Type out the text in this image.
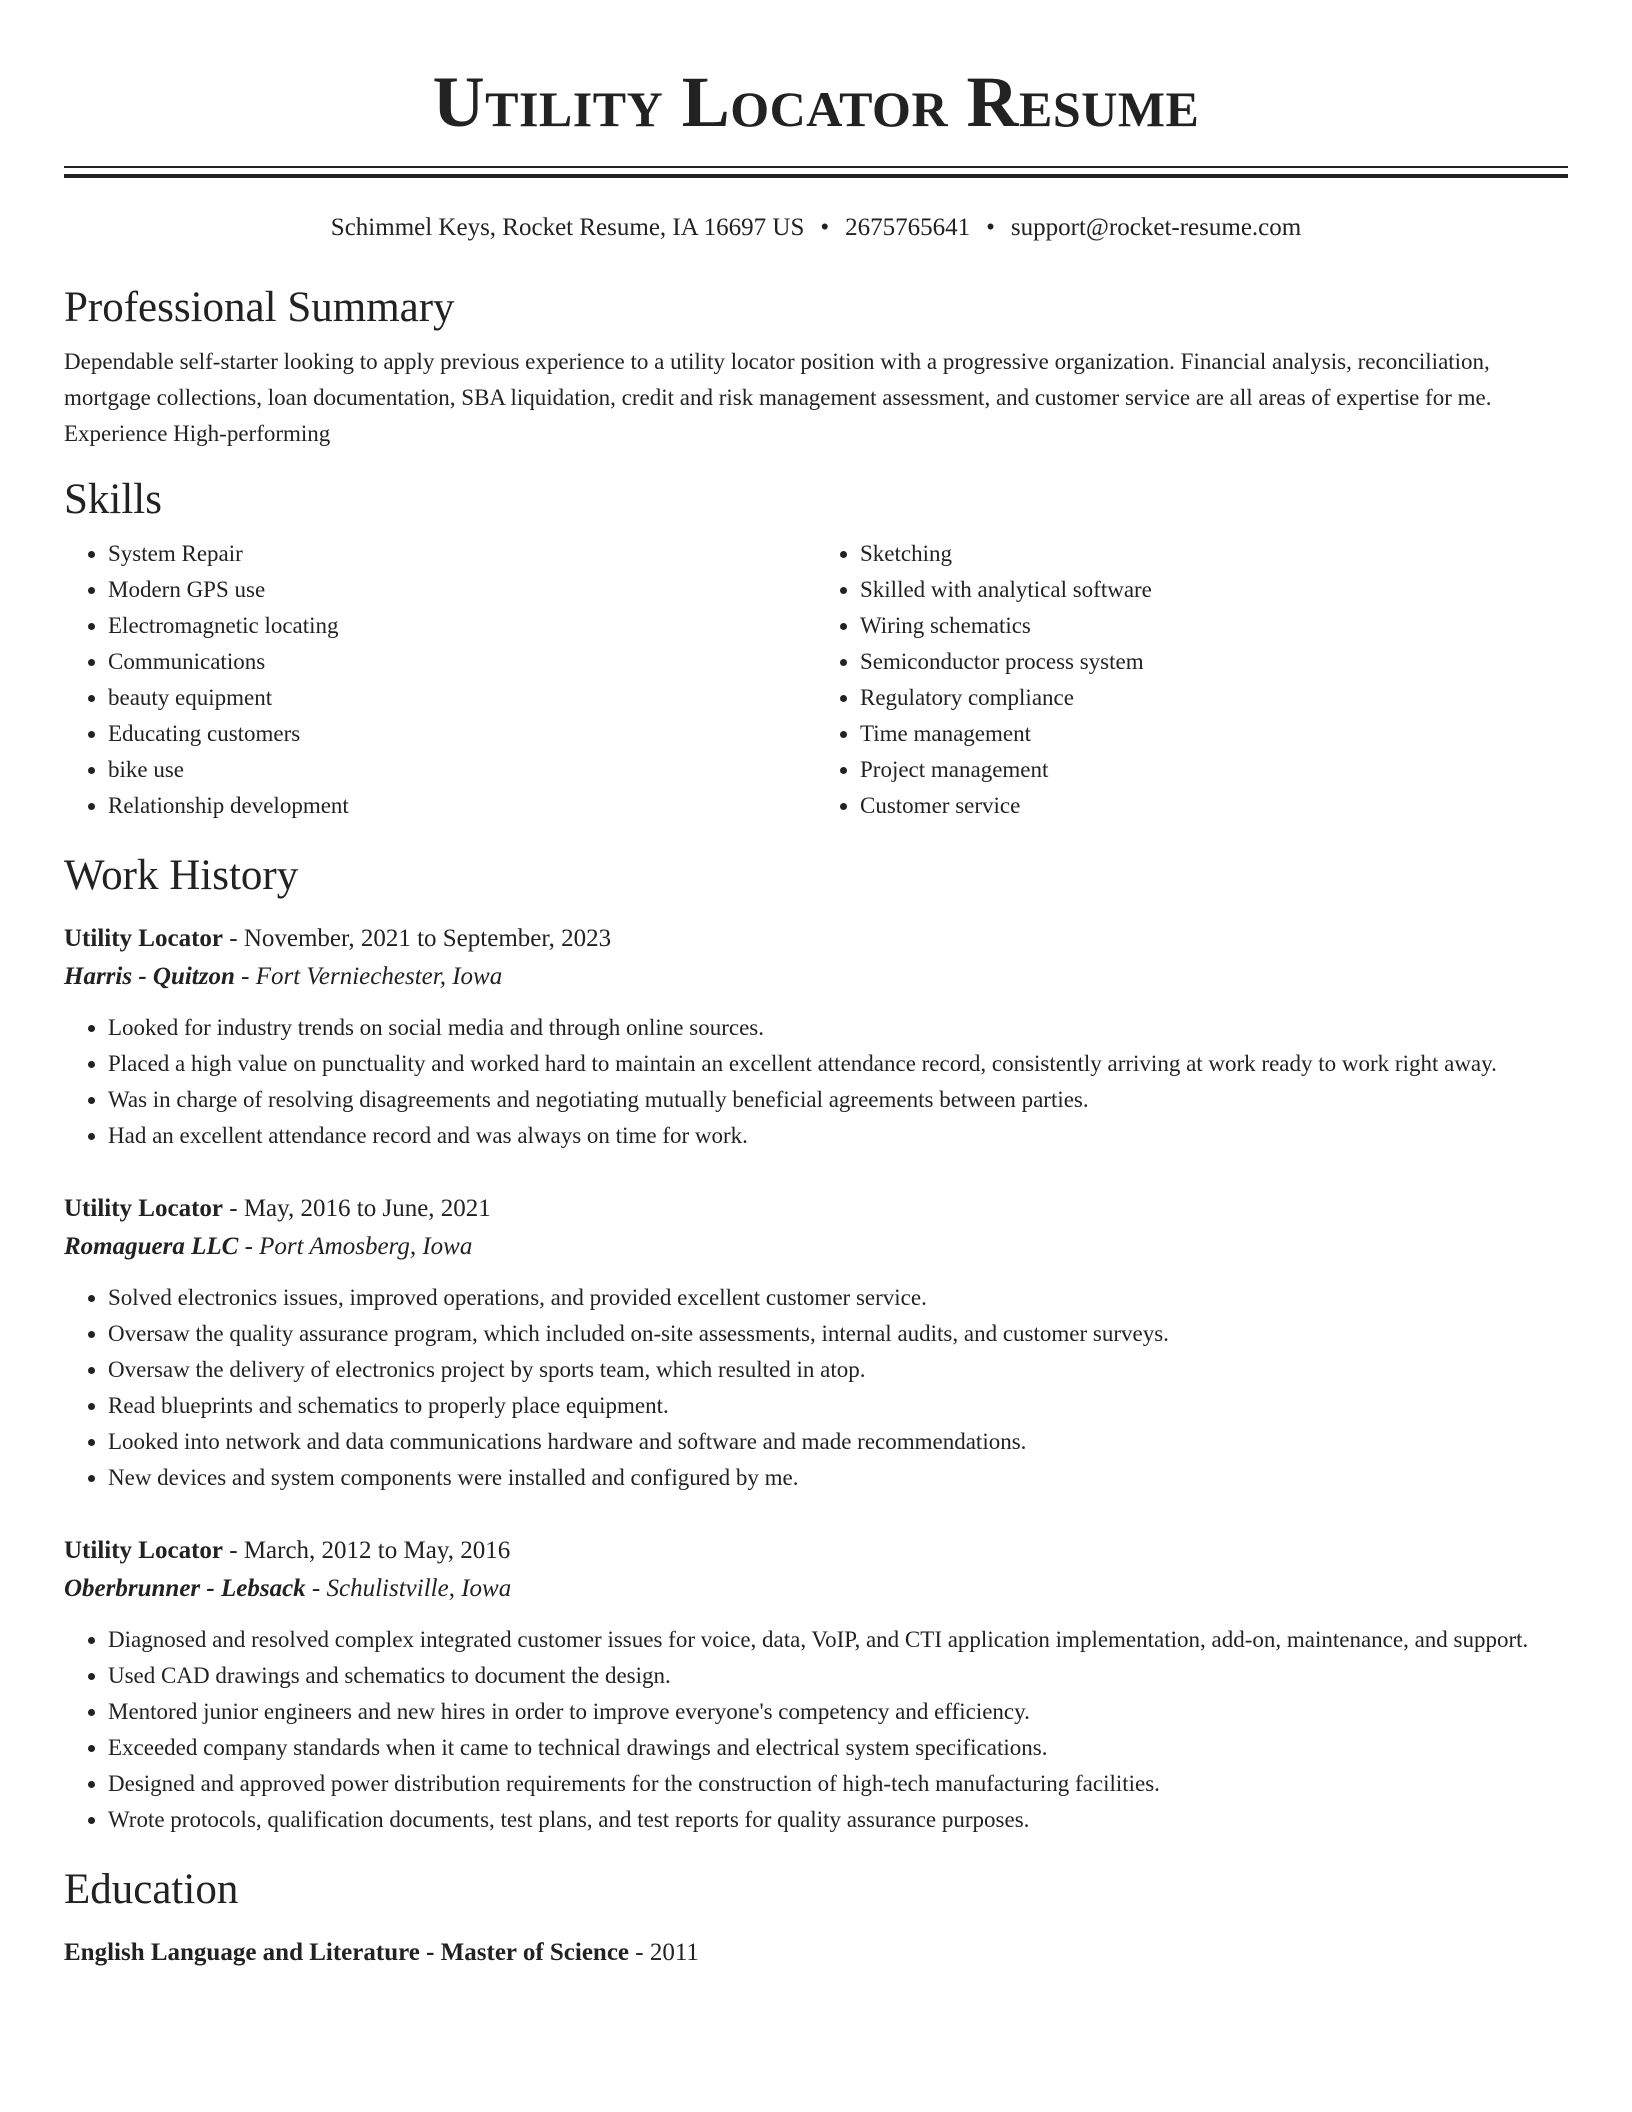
Utility Locator Resume
Schimmel Keys, Rocket Resume, IA 16697 US • 2675765641 • support@rocket-resume.com
Professional Summary

Dependable self-starter looking to apply previous experience to a utility locator position with a progressive organization. Financial analysis, reconciliation, mortgage collections, loan documentation, SBA liquidation, credit and risk management assessment, and customer service are all areas of expertise for me. Experience High-performing

Skills
• System Repair
• Modern GPS use
• Electromagnetic locating
• Communications
• beauty equipment
• Educating customers
• bike use
• Relationship development
• Sketching
• Skilled with analytical software
• Wiring schematics
• Semiconductor process system
• Regulatory compliance
• Time management
• Project management
• Customer service
Work History

Utility Locator - November, 2021 to September, 2023

Harris - Quitzon - Fort Verniechester, Iowa

• Looked for industry trends on social media and through online sources.
• Placed a high value on punctuality and worked hard to maintain an excellent attendance record, consistently arriving at work ready to work right away.
• Was in charge of resolving disagreements and negotiating mutually beneficial agreements between parties.
• Had an excellent attendance record and was always on time for work.

Utility Locator - May, 2016 to June, 2021

Romaguera LLC - Port Amosberg, Iowa

• Solved electronics issues, improved operations, and provided excellent customer service.
• Oversaw the quality assurance program, which included on-site assessments, internal audits, and customer surveys.
• Oversaw the delivery of electronics project by sports team, which resulted in atop.
• Read blueprints and schematics to properly place equipment.
• Looked into network and data communications hardware and software and made recommendations.
• New devices and system components were installed and configured by me.

Utility Locator - March, 2012 to May, 2016

Oberbrunner - Lebsack - Schulistville, Iowa

• Diagnosed and resolved complex integrated customer issues for voice, data, VoIP, and CTI application implementation, add-on, maintenance, and support.
• Used CAD drawings and schematics to document the design.
• Mentored junior engineers and new hires in order to improve everyone's competency and efficiency.
• Exceeded company standards when it came to technical drawings and electrical system specifications.
• Designed and approved power distribution requirements for the construction of high-tech manufacturing facilities.
• Wrote protocols, qualification documents, test plans, and test reports for quality assurance purposes.
Education

English Language and Literature - Master of Science - 2011
